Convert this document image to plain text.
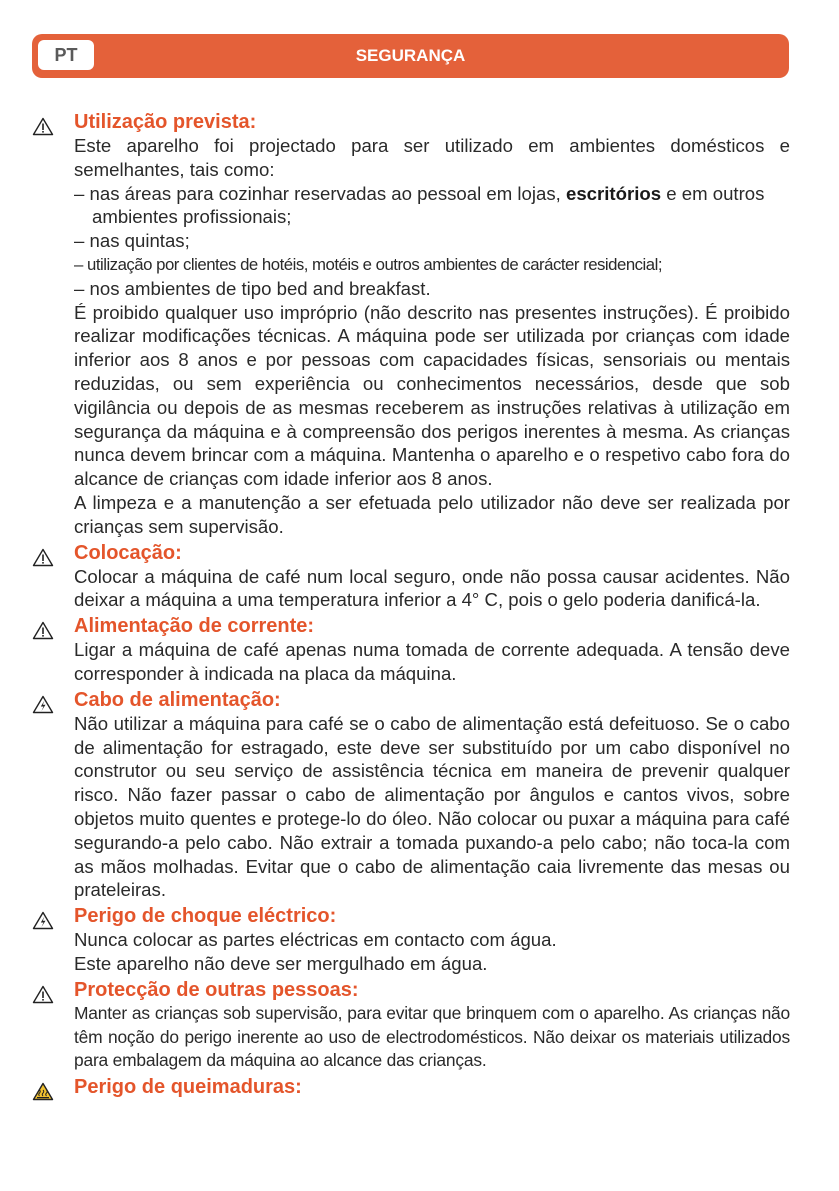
PT	SEGURANÇA
Utilização prevista:

Este aparelho foi projectado para ser utilizado em ambientes domésticos e semelhantes, tais como:

– nas áreas para cozinhar reservadas ao pessoal em lojas, escritórios e em outros ambientes profissionais;

– nas quintas;

– utilização por clientes de hotéis, motéis e outros ambientes de carácter residencial;

– nos ambientes de tipo bed and breakfast.

É proibido qualquer uso impróprio (não descrito nas presentes instruções). É proibido realizar modificações técnicas. A máquina pode ser utilizada por crianças com idade inferior aos 8 anos e por pessoas com capacidades físicas, sensoriais ou mentais reduzidas, ou sem experiência ou conhecimentos necessários, desde que sob vigilância ou depois de as mesmas receberem as instruções relativas à utilização em segurança da máquina e à compreensão dos perigos inerentes à mesma. As crianças nunca devem brincar com a máquina. Mantenha o aparelho e o respetivo cabo fora do alcance de crianças com idade inferior aos 8 anos.

A limpeza e a manutenção a ser efetuada pelo utilizador não deve ser realizada por crianças sem supervisão.

Colocação:

Colocar a máquina de café num local seguro, onde não possa causar acidentes. Não deixar a máquina a uma temperatura inferior a 4° C, pois o gelo poderia danificá-la.

Alimentação de corrente:

Ligar a máquina de café apenas numa tomada de corrente adequada. A tensão deve corresponder à indicada na placa da máquina.

Cabo de alimentação:

Não utilizar a máquina para café se o cabo de alimentação está defeituoso. Se o cabo de alimentação for estragado, este deve ser substituído por um cabo disponível no construtor ou seu serviço de assistência técnica em maneira de prevenir qualquer risco. Não fazer passar o cabo de alimentação por ângulos e cantos vivos, sobre objetos muito quentes e protege-lo do óleo. Não colocar ou puxar a máquina para café segurando-a pelo cabo. Não extrair a tomada puxando-a pelo cabo; não toca-la com as mãos molhadas. Evitar que o cabo de alimentação caia livremente das mesas ou prateleiras.

Perigo de choque eléctrico:

Nunca colocar as partes eléctricas em contacto com água.

Este aparelho não deve ser mergulhado em água.

Protecção de outras pessoas:

Manter as crianças sob supervisão, para evitar que brinquem com o aparelho. As crianças não têm noção do perigo inerente ao uso de electrodomésticos. Não deixar os materiais utilizados para embalagem da máquina ao alcance das crianças.

Perigo de queimaduras:
